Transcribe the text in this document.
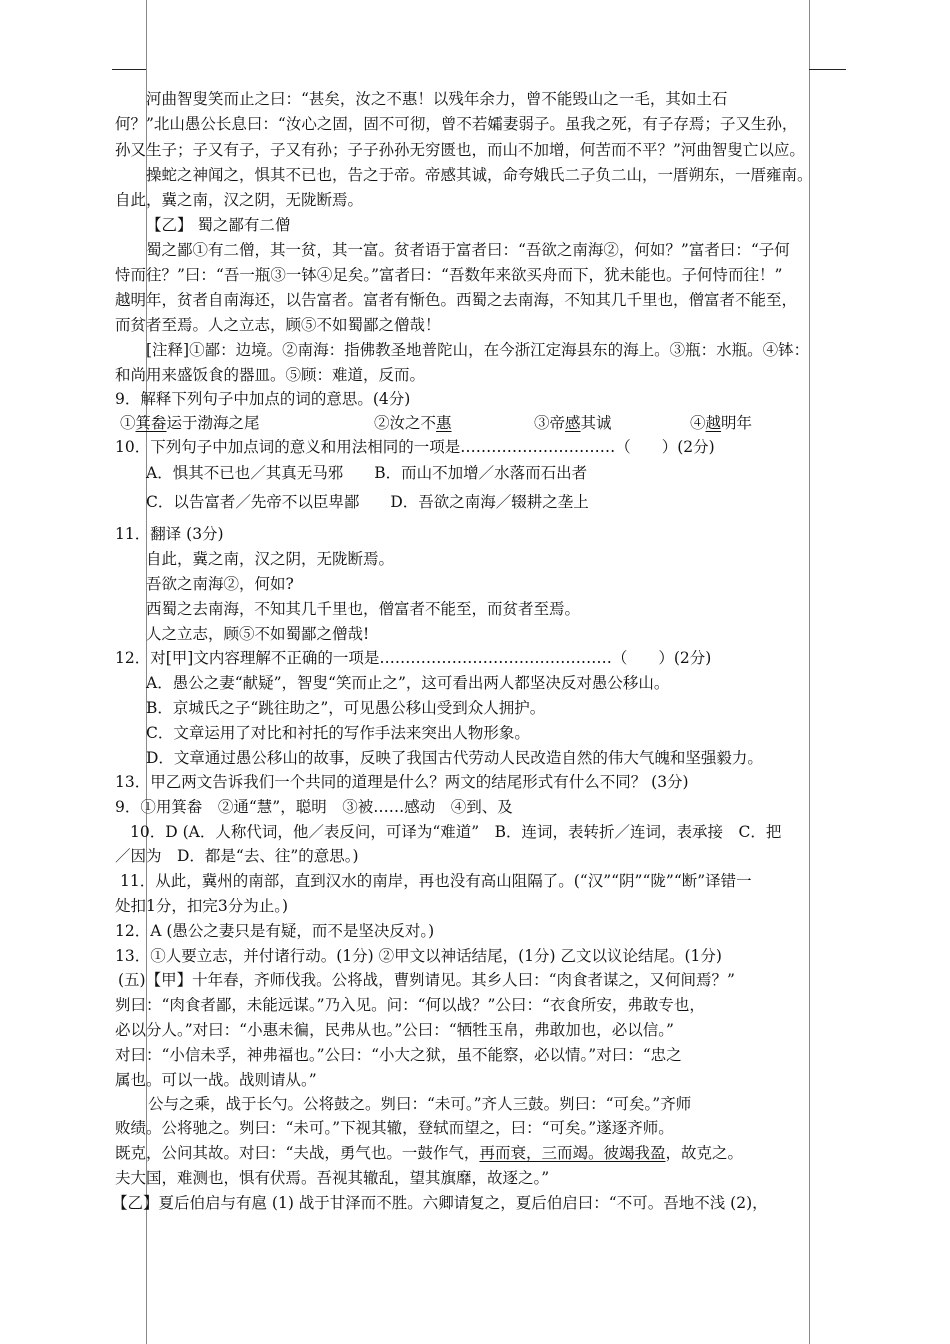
河曲智叟笑而止之曰：“甚矣，汝之不惠！以残年余力，曾不能毁山之一毛，其如土石
何？”北山愚公长息曰：“汝心之固，固不可彻，曾不若孀妻弱子。虽我之死，有子存焉；子又生孙，
孙又生子；子又有子，子又有孙；子子孙孙无穷匮也，而山不加增，何苦而不平？”河曲智叟亡以应。
操蛇之神闻之，惧其不已也，告之于帝。帝感其诚，命夸娥氏二子负二山，一厝朔东，一厝雍南。
自此，冀之南，汉之阴，无陇断焉。
【乙】 蜀之鄙有二僧
蜀之鄙①有二僧，其一贫，其一富。贫者语于富者曰：“吾欲之南海②，何如？”富者曰：“子何
恃而往？”曰：“吾一瓶③一钵④足矣。”富者曰：“吾数年来欲买舟而下，犹未能也。子何恃而往！”
越明年，贫者自南海还，以告富者。富者有惭色。西蜀之去南海，不知其几千里也，僧富者不能至，
而贫者至焉。人之立志，顾⑤不如蜀鄙之僧哉！
[注释]①鄙：边境。②南海：指佛教圣地普陀山，在今浙江定海县东的海上。③瓶：水瓶。④钵：
和尚用来盛饭食的器皿。⑤顾：难道，反而。
9．解释下列句子中加点的词的意思。(4分)
①箕畚运于渤海之尾	②汝之不惠	③帝感其诚	④越明年
10．下列句子中加点词的意义和用法相同的一项是…………………………（　　）(2分)
A．惧其不已也／其真无马邪　　B．而山不加增／水落而石出者
C．以告富者／先帝不以臣卑鄙　　D．吾欲之南海／辍耕之垄上
11．翻译 (3分)
自此，冀之南，汉之阴，无陇断焉。
吾欲之南海②，何如?
西蜀之去南海，不知其几千里也，僧富者不能至，而贫者至焉。
人之立志，顾⑤不如蜀鄙之僧哉!
12．对[甲]文内容理解不正确的一项是………………………………………（　　）(2分)
A．愚公之妻“献疑”，智叟“笑而止之”，这可看出两人都坚决反对愚公移山。
B．京城氏之子“跳往助之”，可见愚公移山受到众人拥护。
C．文章运用了对比和衬托的写作手法来突出人物形象。
D．文章通过愚公移山的故事，反映了我国古代劳动人民改造自然的伟大气魄和坚强毅力。
13．甲乙两文告诉我们一个共同的道理是什么？两文的结尾形式有什么不同？ (3分)
9．①用箕畚　②通“慧”，聪明　③被……感动　④到、及
10．D (A．人称代词，他／表反问，可译为“难道”　B．连词，表转折／连词，表承接　C．把
／因为　D．都是“去、往”的意思。)
11．从此，冀州的南部，直到汉水的南岸，再也没有高山阻隔了。(“汉”“阴”“陇”“断”译错一
处扣1分，扣完3分为止。)
12．A (愚公之妻只是有疑，而不是坚决反对。)
13．①人要立志，并付诸行动。(1分) ②甲文以神话结尾，(1分) 乙文以议论结尾。(1分)
(五)【甲】十年春，齐师伐我。公将战，曹刿请见。其乡人曰：“肉食者谋之，又何间焉？”
刿曰：“肉食者鄙，未能远谋。”乃入见。问：“何以战？”公曰：“衣食所安，弗敢专也，
必以分人。”对曰：“小惠未徧，民弗从也。”公曰：“牺牲玉帛，弗敢加也，必以信。”
对曰：“小信未孚，神弗福也。”公曰：“小大之狱，虽不能察，必以情。”对曰：“忠之
属也。可以一战。战则请从。”
公与之乘，战于长勺。公将鼓之。刿曰：“未可。”齐人三鼓。刿曰：“可矣。”齐师
败绩。公将驰之。刿曰：“未可。”下视其辙，登轼而望之，曰：“可矣。”遂逐齐师。
既克，公问其故。对曰：“夫战，勇气也。一鼓作气，再而衰，三而竭。彼竭我盈，故克之。
夫大国，难测也，惧有伏焉。吾视其辙乱，望其旗靡，故逐之。”
【乙】夏后伯启与有扈 (1) 战于甘泽而不胜。六卿请复之，夏后伯启曰：“不可。吾地不浅 (2)，
